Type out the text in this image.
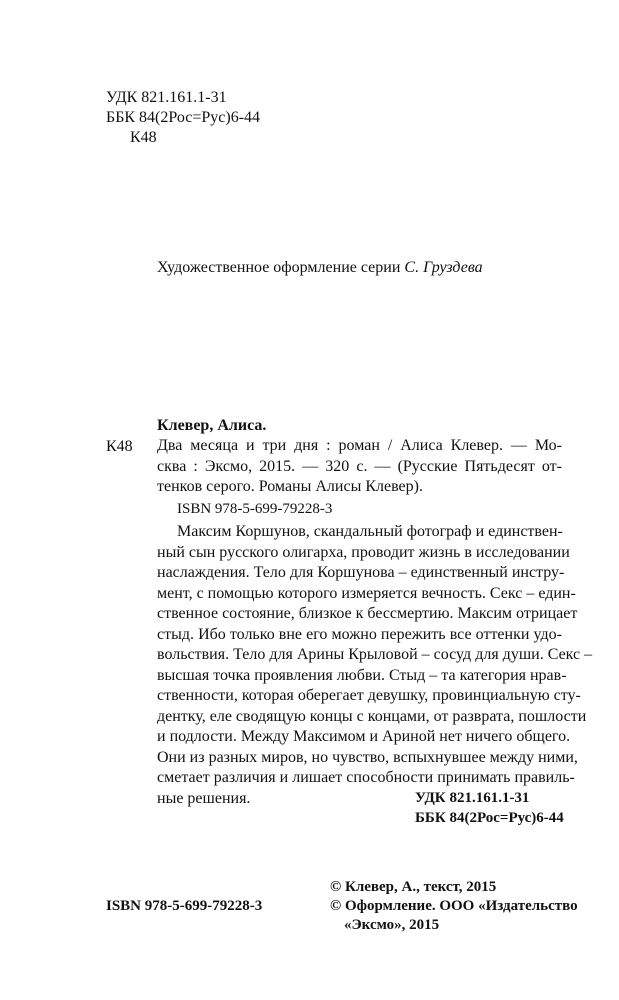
УДК 821.161.1-31
ББК 84(2Рос=Рус)6-44
К48
Художественное оформление серии С. Груздева
Клевер, Алиса.
К48 Два месяца и три дня : роман / Алиса Клевер. — Мо-
сква : Эксмо, 2015. — 320 с. — (Русские Пятьдесят от-
тенков серого. Романы Алисы Клевер).
ISBN 978-5-699-79228-3
Максим Коршунов, скандальный фотограф и единствен-
ный сын русского олигарха, проводит жизнь в исследовании
наслаждения. Тело для Коршунова – единственный инстру-
мент, с помощью которого измеряется вечность. Секс – един-
ственное состояние, близкое к бессмертию. Максим отрицает
стыд. Ибо только вне его можно пережить все оттенки удо-
вольствия. Тело для Арины Крыловой – сосуд для души. Секс –
высшая точка проявления любви. Стыд – та категория нрав-
ственности, которая оберегает девушку, провинциальную сту-
дентку, еле сводящую концы с концами, от разврата, пошлости
и подлости. Между Максимом и Ариной нет ничего общего.
Они из разных миров, но чувство, вспыхнувшее между ними,
сметает различия и лишает способности принимать правиль-
ные решения.	УДК 821.161.1-31
ББК 84(2Рос=Рус)6-44
© Клевер, А., текст, 2015
© Оформление. ООО «Издательство
«Эксмо», 2015
ISBN 978-5-699-79228-3
